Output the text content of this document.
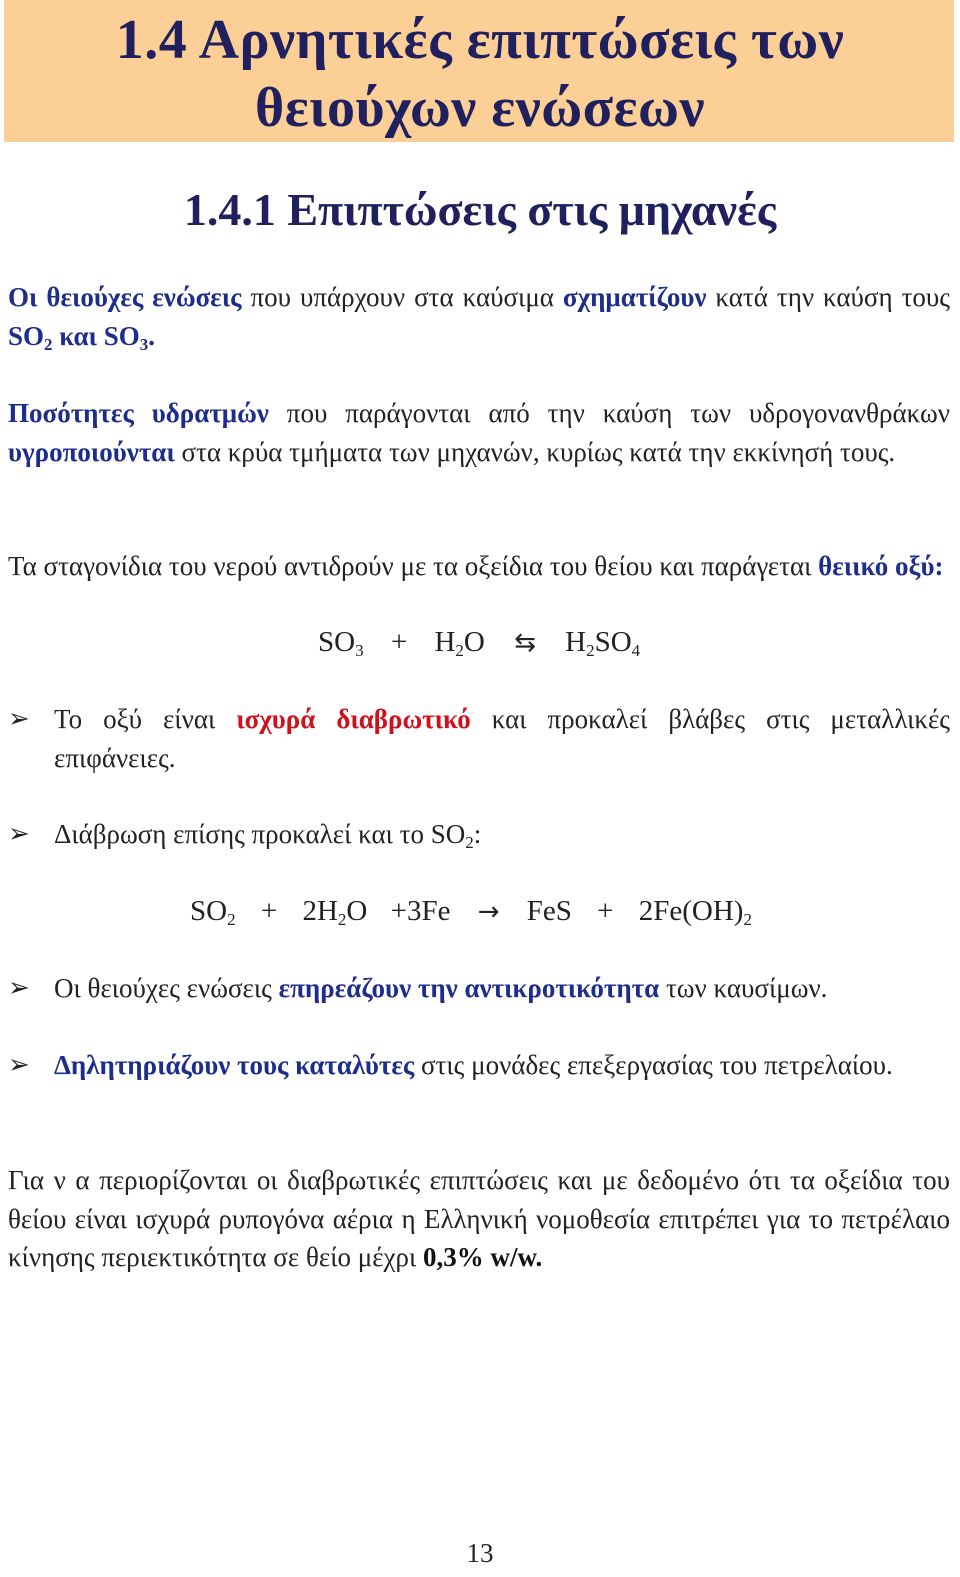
1.4 Αρνητικές επιπτώσεις των
θειούχων ενώσεων
1.4.1 Επιπτώσεις στις μηχανές
Οι θειούχες ενώσεις που υπάρχουν στα καύσιμα σχηματίζουν κατά την καύση τους $SO_2$ και $SO_3$.
Ποσότητες υδρατμών που παράγονται από την καύση των υδρογονανθράκων υγροποιούνται στα κρύα τμήματα των μηχανών, κυρίως κατά την εκκίνησή τους.
Τα σταγονίδια του νερού αντιδρούν με τα οξείδια του θείου και παράγεται θειικό οξύ:
$SO_3 + H_2O$ ⇆ $H_2SO_4$
➢ Το οξύ είναι ισχυρά διαβρωτικό και προκαλεί βλάβες στις μεταλλικές επιφάνειες.
➢ Διάβρωση επίσης προκαλεί και το $SO_2$:
$SO_2 + 2H_2O +3Fe$ → FeS + $2Fe(OH)_2$
➢ Οι θειούχες ενώσεις επηρεάζουν την αντικροτικότητα των καυσίμων.
➢ Δηλητηριάζουν τους καταλύτες στις μονάδες επεξεργασίας του πετρελαίου.
Για ν α περιορίζονται οι διαβρωτικές επιπτώσεις και με δεδομένο ότι τα οξείδια του θείου είναι ισχυρά ρυπογόνα αέρια η Ελληνική νομοθεσία επιτρέπει για το πετρέλαιο κίνησης περιεκτικότητα σε θείο μέχρι 0,3% w/w.
13
